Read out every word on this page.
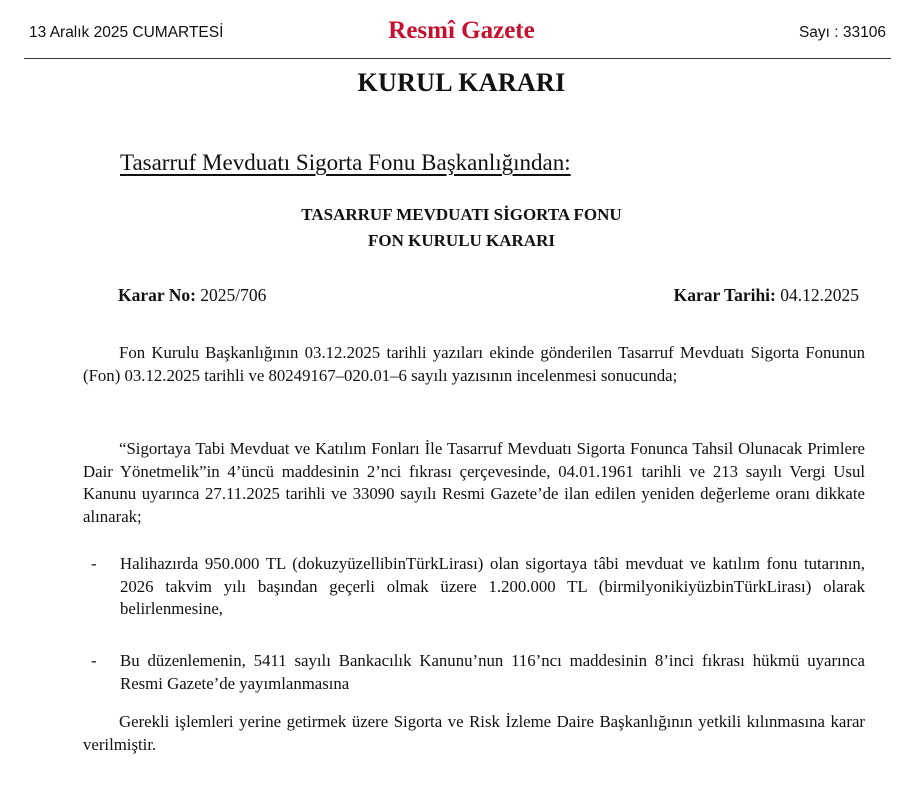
13 Aralık 2025 CUMARTESİ	Resmî Gazete	Sayı : 33106
KURUL KARARI
Tasarruf Mevduatı Sigorta Fonu Başkanlığından:
TASARRUF MEVDUATI SİGORTA FONU
FON KURULU KARARI
Karar No: 2025/706	Karar Tarihi: 04.12.2025

Fon Kurulu Başkanlığının 03.12.2025 tarihli yazıları ekinde gönderilen Tasarruf Mevduatı Sigorta Fonunun (Fon) 03.12.2025 tarihli ve 80249167–020.01–6 sayılı yazısının incelenmesi sonucunda;

“Sigortaya Tabi Mevduat ve Katılım Fonları İle Tasarruf Mevduatı Sigorta Fonunca Tahsil Olunacak Primlere Dair Yönetmelik”in 4’üncü maddesinin 2’nci fıkrası çerçevesinde, 04.01.1961 tarihli ve 213 sayılı Vergi Usul Kanunu uyarınca 27.11.2025 tarihli ve 33090 sayılı Resmi Gazete’de ilan edilen yeniden değerleme oranı dikkate alınarak;

- Halihazırda 950.000 TL (dokuzyüzellibinTürkLirası) olan sigortaya tâbi mevduat ve katılım fonu tutarının, 2026 takvim yılı başından geçerli olmak üzere 1.200.000 TL (birmilyonikiyüzbinTürkLirası) olarak belirlenmesine,
- Bu düzenlemenin, 5411 sayılı Bankacılık Kanunu’nun 116’ncı maddesinin 8’inci fıkrası hükmü uyarınca Resmi Gazete’de yayımlanmasına

Gerekli işlemleri yerine getirmek üzere Sigorta ve Risk İzleme Daire Başkanlığının yetkili kılınmasına karar verilmiştir.
